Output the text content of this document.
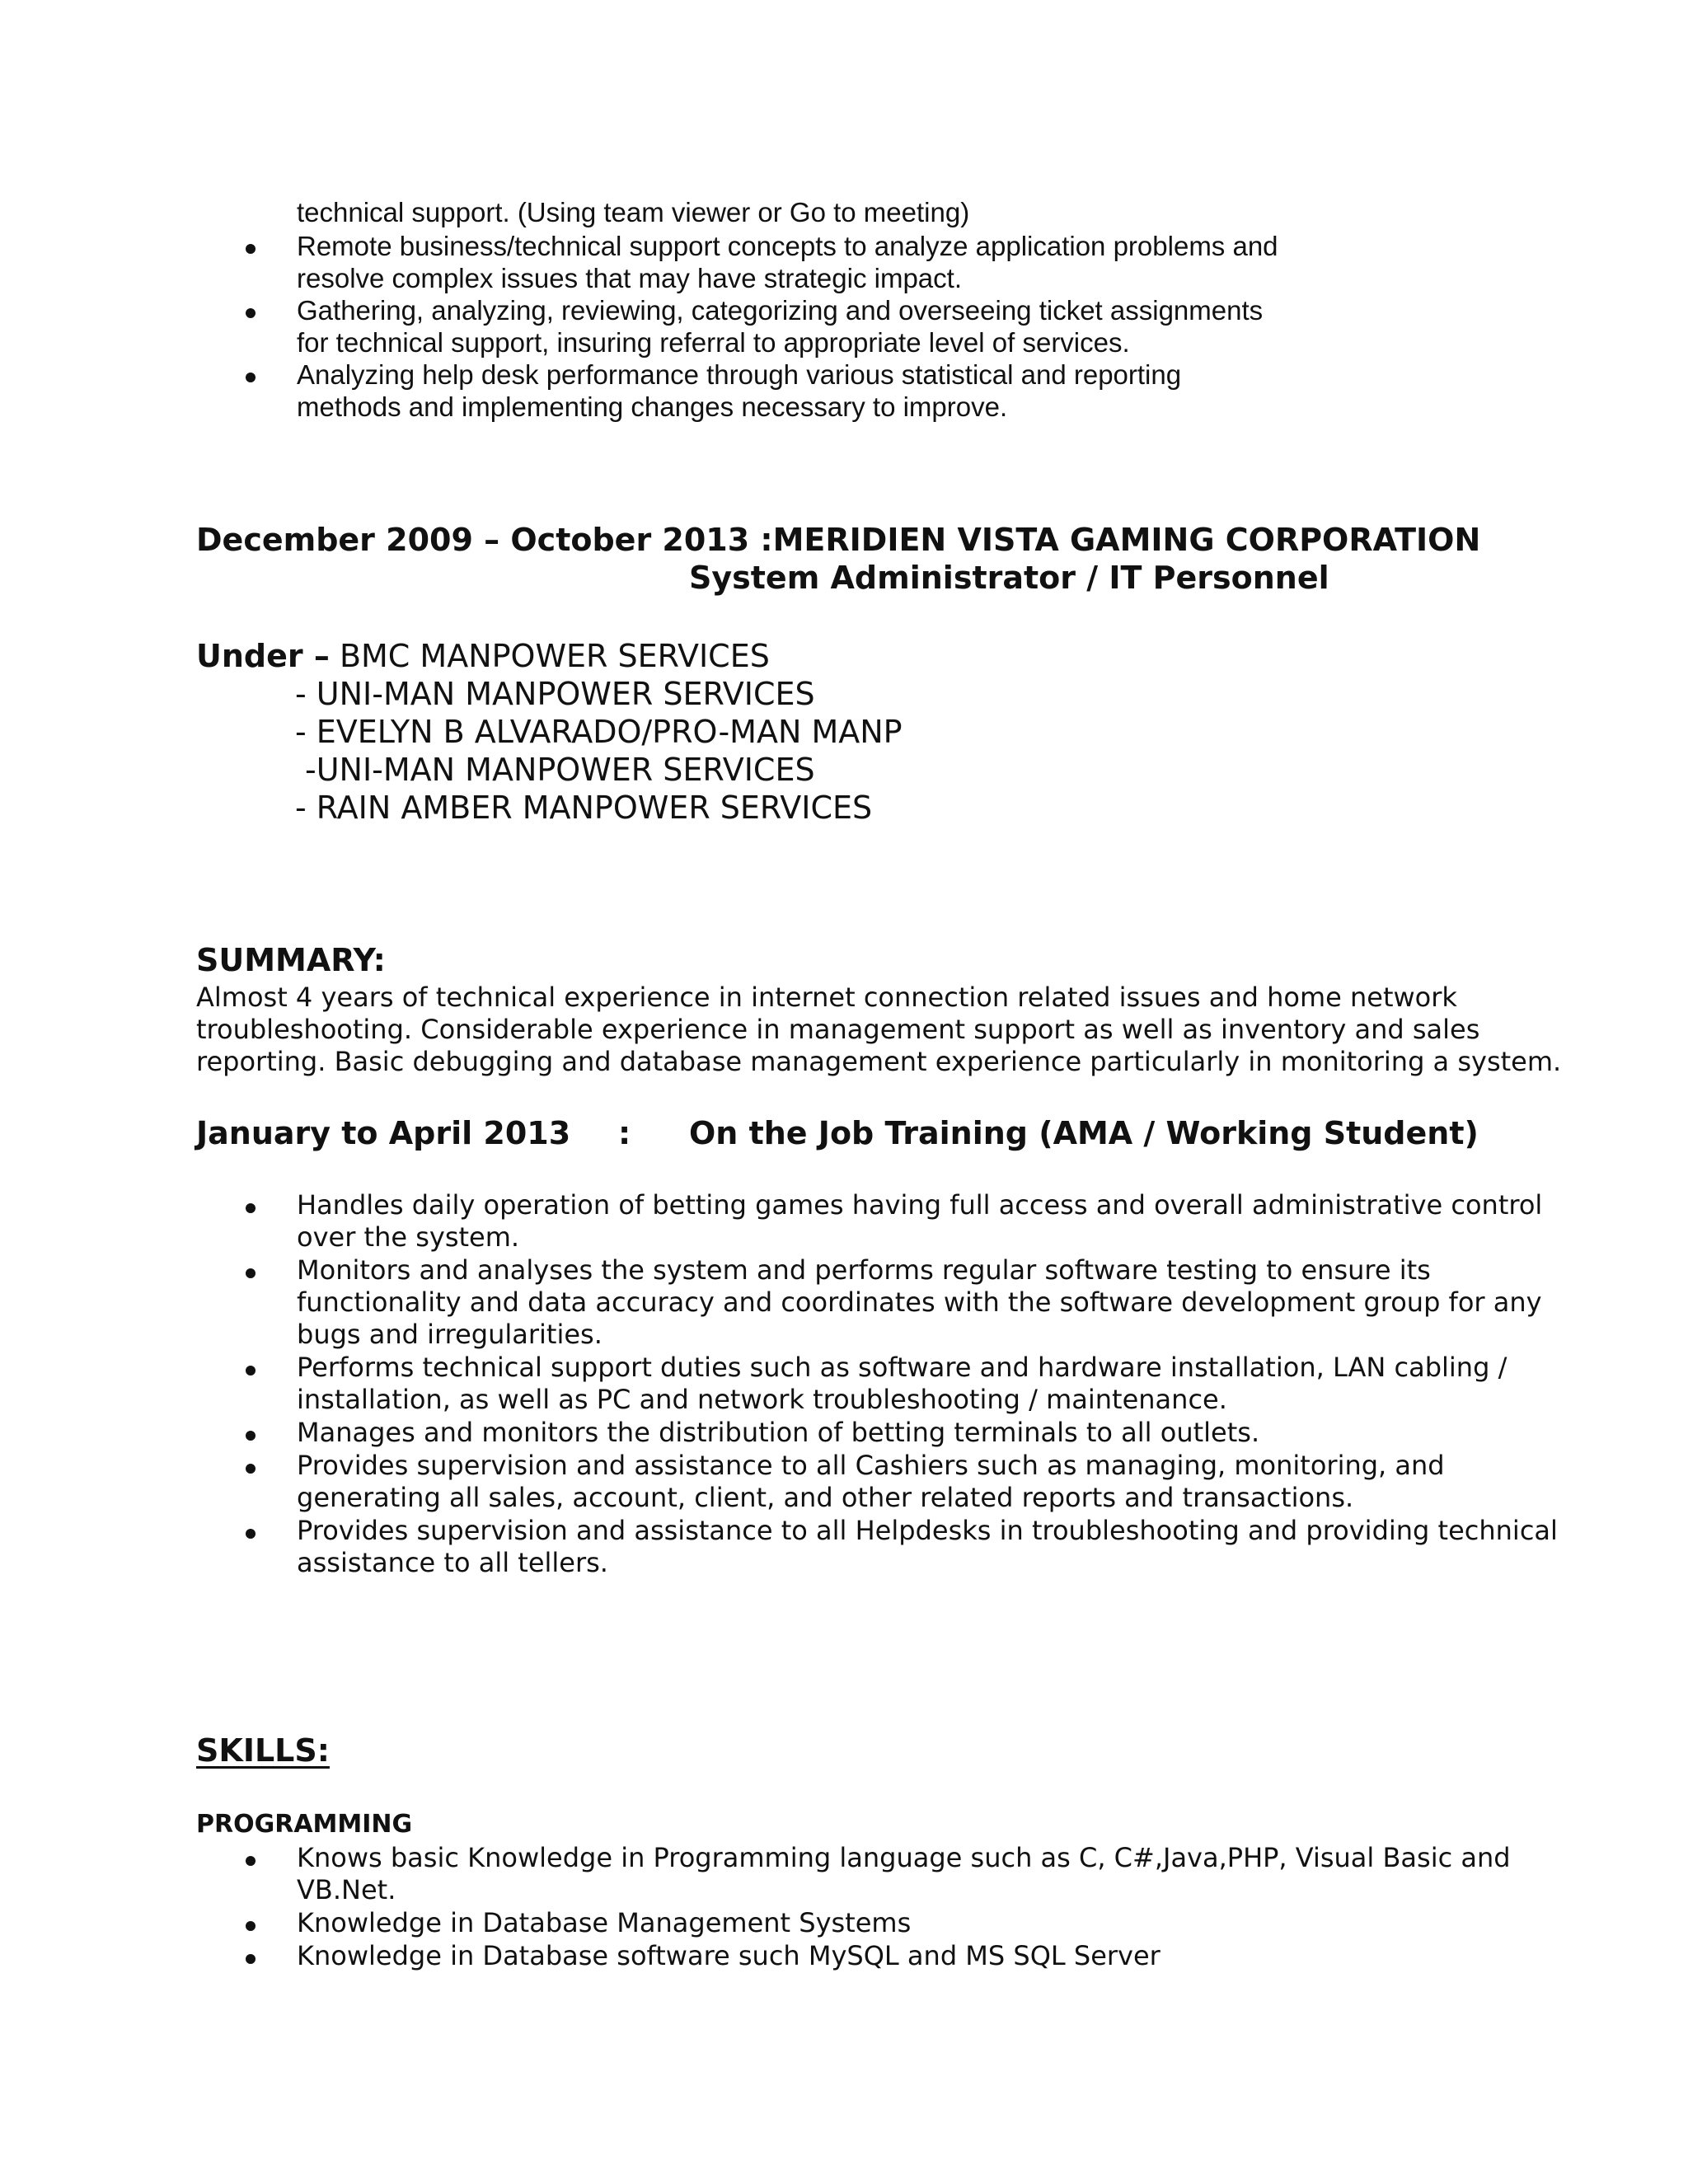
technical support. (Using team viewer or Go to meeting)
Remote business/technical support concepts to analyze application problems and
resolve complex issues that may have strategic impact.
Gathering, analyzing, reviewing, categorizing and overseeing ticket assignments
for technical support, insuring referral to appropriate level of services.
Analyzing help desk performance through various statistical and reporting
methods and implementing changes necessary to improve.
December 2009 – October 2013 :MERIDIEN VISTA GAMING CORPORATION
System Administrator / IT Personnel
Under – BMC MANPOWER SERVICES
- UNI-MAN MANPOWER SERVICES
- EVELYN B ALVARADO/PRO-MAN MANP
-UNI-MAN MANPOWER SERVICES
- RAIN AMBER MANPOWER SERVICES
SUMMARY:
Almost 4 years of technical experience in internet connection related issues and home network
troubleshooting. Considerable experience in management support as well as inventory and sales
reporting. Basic debugging and database management experience particularly in monitoring a system.
January to April 2013 : On the Job Training (AMA / Working Student)
Handles daily operation of betting games having full access and overall administrative control
over the system.
Monitors and analyses the system and performs regular software testing to ensure its
functionality and data accuracy and coordinates with the software development group for any
bugs and irregularities.
Performs technical support duties such as software and hardware installation, LAN cabling /
installation, as well as PC and network troubleshooting / maintenance.
Manages and monitors the distribution of betting terminals to all outlets.
Provides supervision and assistance to all Cashiers such as managing, monitoring, and
generating all sales, account, client, and other related reports and transactions.
Provides supervision and assistance to all Helpdesks in troubleshooting and providing technical
assistance to all tellers.
SKILLS:
PROGRAMMING
Knows basic Knowledge in Programming language such as C, C#,Java,PHP, Visual Basic and
VB.Net.
Knowledge in Database Management Systems
Knowledge in Database software such MySQL and MS SQL Server
